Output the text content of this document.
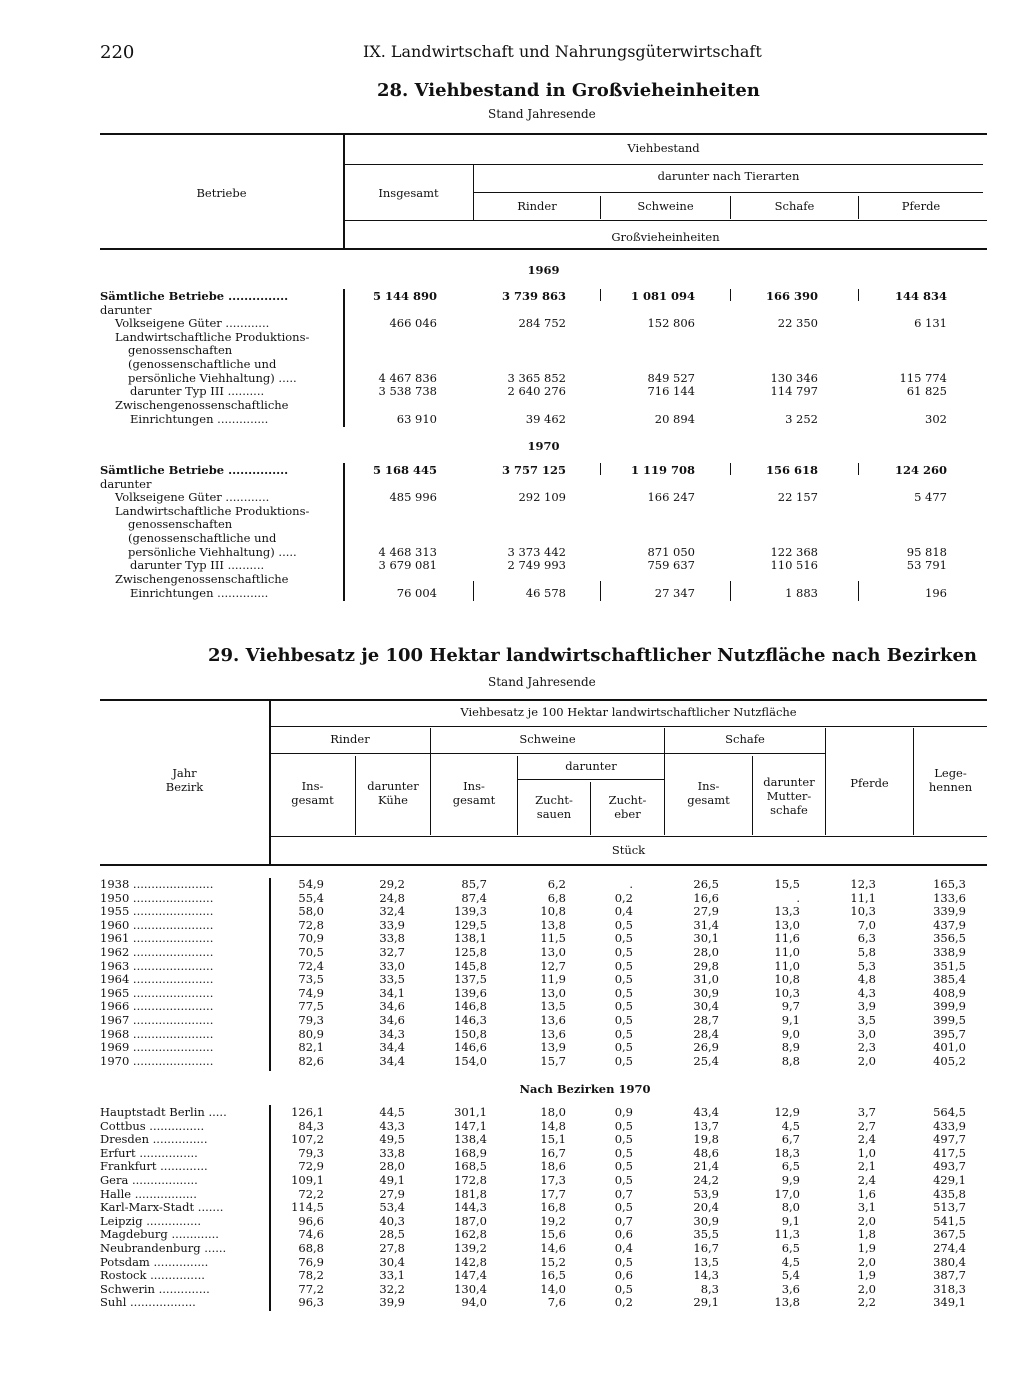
220	IX. Landwirtschaft und Nahrungsgüterwirtschaft
28. Viehbestand in Großvieheinheiten
Stand Jahresende
Betriebe
Viehbestand
Insgesamt
darunter nach Tierarten
Rinder	Schweine	Schafe	Pferde
Großvieheinheiten
1969
Sämtliche Betriebe ...............	5 144 890	3 739 863	1 081 094	166 390	144 834
darunter
Volkseigene Güter ............	466 046	284 752	152 806	22 350	6 131
Landwirtschaftliche Produktions-
genossenschaften
(genossenschaftliche und
persönliche Viehhaltung) .....	4 467 836	3 365 852	849 527	130 346	115 774
darunter Typ III ..........	3 538 738	2 640 276	716 144	114 797	61 825
Zwischengenossenschaftliche
Einrichtungen ..............	63 910	39 462	20 894	3 252	302
1970
Sämtliche Betriebe ...............	5 168 445	3 757 125	1 119 708	156 618	124 260
darunter
Volkseigene Güter ............	485 996	292 109	166 247	22 157	5 477
Landwirtschaftliche Produktions-
genossenschaften
(genossenschaftliche und
persönliche Viehhaltung) .....	4 468 313	3 373 442	871 050	122 368	95 818
darunter Typ III ..........	3 679 081	2 749 993	759 637	110 516	53 791
Zwischengenossenschaftliche
Einrichtungen ..............	76 004	46 578	27 347	1 883	196
29. Viehbesatz je 100 Hektar landwirtschaftlicher Nutzfläche nach Bezirken
Stand Jahresende
Jahr
Bezirk
Viehbesatz je 100 Hektar landwirtschaftlicher Nutzfläche
Rinder	Schweine	Schafe
darunter
Ins-
gesamt
darunter
Kühe
Ins-
gesamt	Zucht-
sauen
Zucht-
eber
Ins-
gesamt
darunter
Mutter-
schafe
Pferde
Lege-
hennen
Stück
1938 ......................	54,9	29,2	85,7	6,2	.	26,5	15,5	12,3	165,3
1950 ......................	55,4	24,8	87,4	6,8	0,2	16,6	.	11,1	133,6
1955 ......................	58,0	32,4	139,3	10,8	0,4	27,9	13,3	10,3	339,9
1960 ......................	72,8	33,9	129,5	13,8	0,5	31,4	13,0	7,0	437,9
1961 ......................	70,9	33,8	138,1	11,5	0,5	30,1	11,6	6,3	356,5
1962 ......................	70,5	32,7	125,8	13,0	0,5	28,0	11,0	5,8	338,9
1963 ......................	72,4	33,0	145,8	12,7	0,5	29,8	11,0	5,3	351,5
1964 ......................	73,5	33,5	137,5	11,9	0,5	31,0	10,8	4,8	385,4
1965 ......................	74,9	34,1	139,6	13,0	0,5	30,9	10,3	4,3	408,9
1966 ......................	77,5	34,6	146,8	13,5	0,5	30,4	9,7	3,9	399,9
1967 ......................	79,3	34,6	146,3	13,6	0,5	28,7	9,1	3,5	399,5
1968 ......................	80,9	34,3	150,8	13,6	0,5	28,4	9,0	3,0	395,7
1969 ......................	82,1	34,4	146,6	13,9	0,5	26,9	8,9	2,3	401,0
1970 ......................	82,6	34,4	154,0	15,7	0,5	25,4	8,8	2,0	405,2
Nach Bezirken 1970
Hauptstadt Berlin .....	126,1	44,5	301,1	18,0	0,9	43,4	12,9	3,7	564,5
Cottbus ...............	84,3	43,3	147,1	14,8	0,5	13,7	4,5	2,7	433,9
Dresden ...............	107,2	49,5	138,4	15,1	0,5	19,8	6,7	2,4	497,7
Erfurt ................	79,3	33,8	168,9	16,7	0,5	48,6	18,3	1,0	417,5
Frankfurt .............	72,9	28,0	168,5	18,6	0,5	21,4	6,5	2,1	493,7
Gera ..................	109,1	49,1	172,8	17,3	0,5	24,2	9,9	2,4	429,1
Halle .................	72,2	27,9	181,8	17,7	0,7	53,9	17,0	1,6	435,8
Karl-Marx-Stadt .......	114,5	53,4	144,3	16,8	0,5	20,4	8,0	3,1	513,7
Leipzig ...............	96,6	40,3	187,0	19,2	0,7	30,9	9,1	2,0	541,5
Magdeburg .............	74,6	28,5	162,8	15,6	0,6	35,5	11,3	1,8	367,5
Neubrandenburg ......	68,8	27,8	139,2	14,6	0,4	16,7	6,5	1,9	274,4
Potsdam ...............	76,9	30,4	142,8	15,2	0,5	13,5	4,5	2,0	380,4
Rostock ...............	78,2	33,1	147,4	16,5	0,6	14,3	5,4	1,9	387,7
Schwerin ..............	77,2	32,2	130,4	14,0	0,5	8,3	3,6	2,0	318,3
Suhl ..................	96,3	39,9	94,0	7,6	0,2	29,1	13,8	2,2	349,1
